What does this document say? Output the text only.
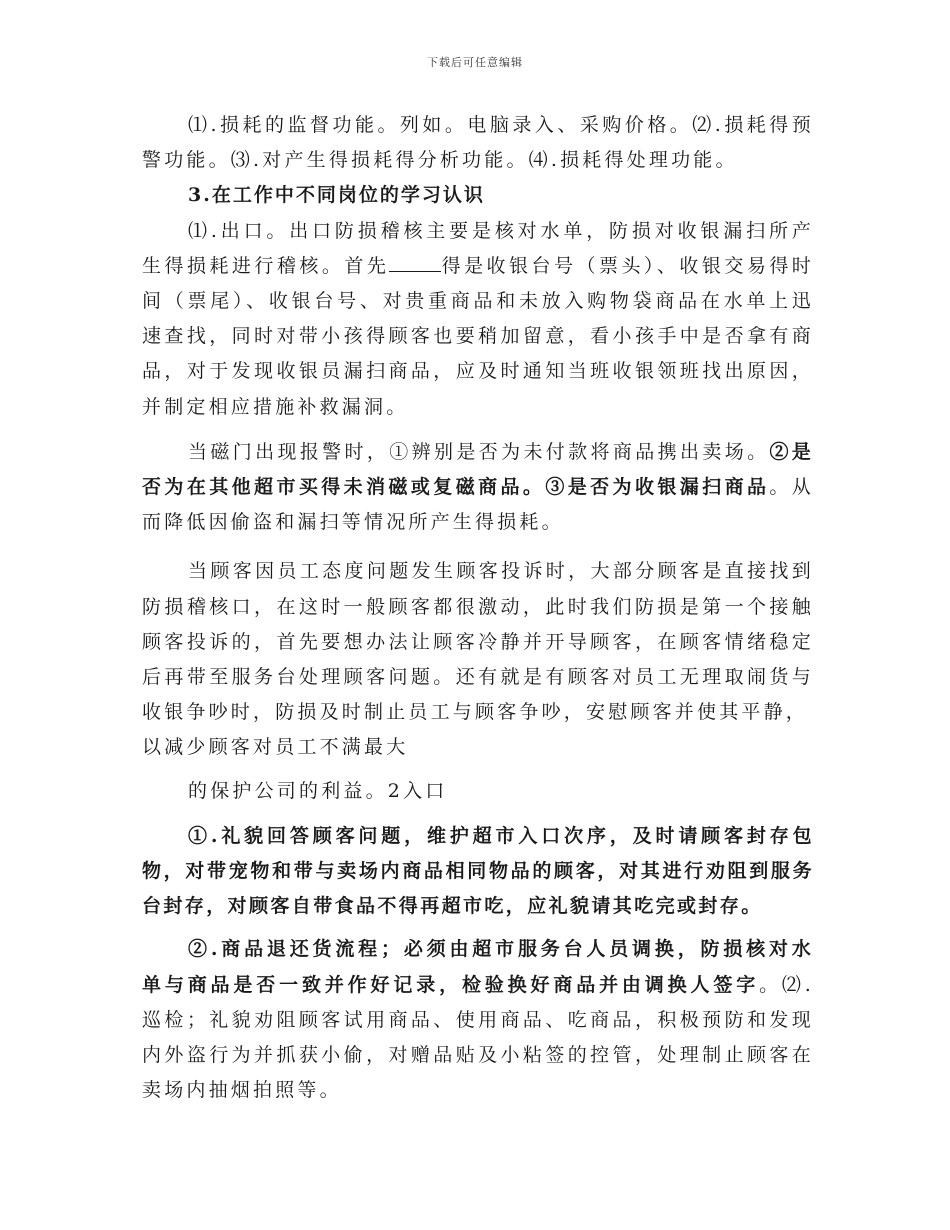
下载后可任意编辑

⑴.损耗的监督功能。列如。电脑录入、采购价格。⑵.损耗得预警功能。⑶.对产生得损耗得分析功能。⑷.损耗得处理功能。

3.在工作中不同岗位的学习认识

⑴.出口。出口防损稽核主要是核对水单，防损对收银漏扫所产生得损耗进行稽核。首先	得是收银台号（票头）、收银交易得时间（票尾）、收银台号、对贵重商品和未放入购物袋商品在水单上迅速查找，同时对带小孩得顾客也要稍加留意，看小孩手中是否拿有商品，对于发现收银员漏扫商品，应及时通知当班收银领班找出原因，并制定相应措施补救漏洞。

当磁门出现报警时，①辨别是否为未付款将商品携出卖场。②是否为在其他超市买得未消磁或复磁商品。③是否为收银漏扫商品。从而降低因偷盗和漏扫等情况所产生得损耗。

当顾客因员工态度问题发生顾客投诉时，大部分顾客是直接找到防损稽核口，在这时一般顾客都很激动，此时我们防损是第一个接触顾客投诉的，首先要想办法让顾客冷静并开导顾客，在顾客情绪稳定后再带至服务台处理顾客问题。还有就是有顾客对员工无理取闹货与收银争吵时，防损及时制止员工与顾客争吵，安慰顾客并使其平静，

以减少顾客对员工不满最大

的保护公司的利益。2入口

①.礼貌回答顾客问题，维护超市入口次序，及时请顾客封存包物，对带宠物和带与卖场内商品相同物品的顾客，对其进行劝阻到服务台封存，对顾客自带食品不得再超市吃，应礼貌请其吃完或封存。

②.商品退还货流程；必须由超市服务台人员调换，防损核对水单与商品是否一致并作好记录，检验换好商品并由调换人签字。⑵.巡检；礼貌劝阻顾客试用商品、使用商品、吃商品，积极预防和发现内外盗行为并抓获小偷，对赠品贴及小粘签的控管，处理制止顾客在卖场内抽烟拍照等。
